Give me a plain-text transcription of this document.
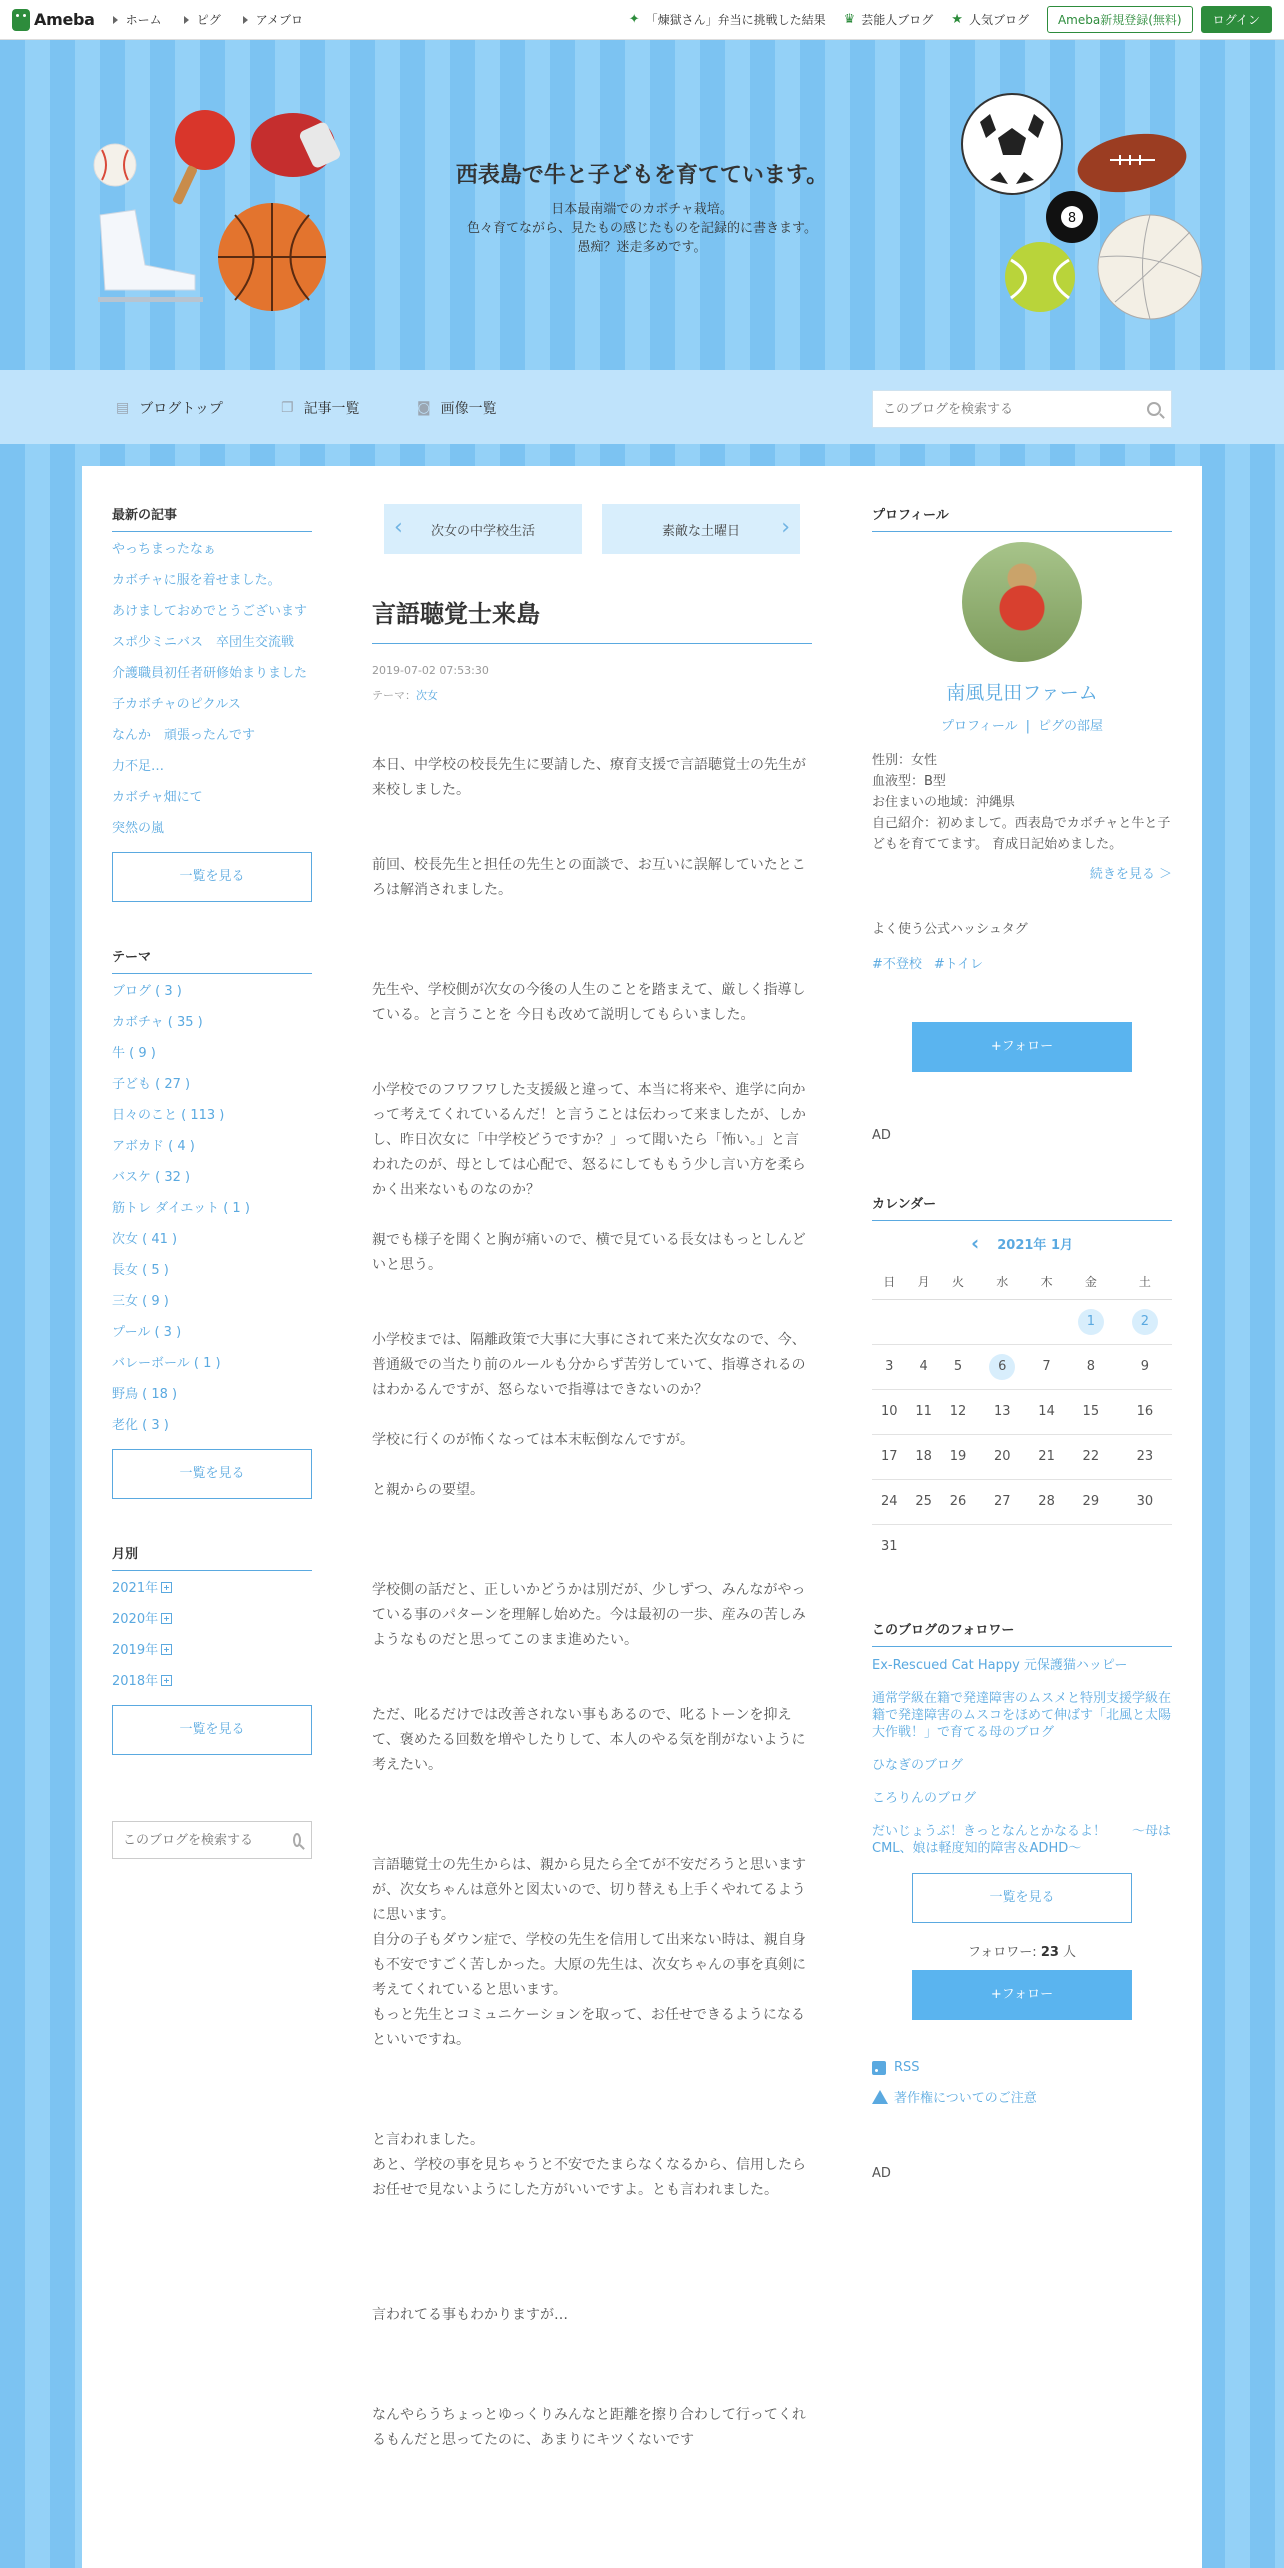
Ameba	ホーム	ピグ	アメブロ	✦ 「煉獄さん」弁当に挑戦した結果 ♛ 芸能人ブログ ★ 人気ブログ	Ameba新規登録(無料)	ログイン
西表島で牛と子どもを育てています。
日本最南端でのカボチャ栽培。
色々育てながら、見たもの感じたものを記録的に書きます。
愚痴？迷走多めです。
8
▤ ブログトップ	❐ 記事一覧	◙ 画像一覧
このブログを検索する
最新の記事
やっちまったなぁ
カボチャに服を着せました。
あけましておめでとうございます
スポ少ミニバス　卒団生交流戦
介護職員初任者研修始まりました
子カボチャのピクルス
なんか　頑張ったんです
力不足…
カボチャ畑にて
突然の嵐
一覧を見る
テーマ
ブログ ( 3 )
カボチャ ( 35 )
牛 ( 9 )
子ども ( 27 )
日々のこと ( 113 )
アボカド ( 4 )
バスケ ( 32 )
筋トレ ダイエット ( 1 )
次女 ( 41 )
長女 ( 5 )
三女 ( 9 )
プール ( 3 )
バレーボール ( 1 )
野鳥 ( 18 )
老化 ( 3 )
一覧を見る
月別
2021年
2020年
2019年
2018年
一覧を見る
このブログを検索する
‹ 次女の中学校生活	素敵な土曜日 ›
言語聴覚士来島
2019-07-02 07:53:30
テーマ：次女

本日、中学校の校長先生に要請した、療育支援で言語聴覚士の先生が来校しました。

前回、校長先生と担任の先生との面談で、お互いに誤解していたところは解消されました。

先生や、学校側が次女の今後の人生のことを踏まえて、厳しく指導している。と言うことを 今日も改めて説明してもらいました。

小学校でのフワフワした支援級と違って、本当に将来や、進学に向かって考えてくれているんだ！と言うことは伝わって来ましたが、しかし、昨日次女に「中学校どうですか？」って聞いたら「怖い。」と言われたのが、母としては心配で、怒るにしてももう少し言い方を柔らかく出来ないものなのか？

親でも様子を聞くと胸が痛いので、横で見ている長女はもっとしんどいと思う。

小学校までは、隔離政策で大事に大事にされて来た次女なので、今、普通級での当たり前のルールも分からず苦労していて、指導されるのはわかるんですが、怒らないで指導はできないのか？

学校に行くのが怖くなっては本末転倒なんですが。

と親からの要望。

学校側の話だと、正しいかどうかは別だが、少しずつ、みんながやっている事のパターンを理解し始めた。今は最初の一歩、産みの苦しみようなものだと思ってこのまま進めたい。

ただ、叱るだけでは改善されない事もあるので、叱るトーンを抑えて、褒めたる回数を増やしたりして、本人のやる気を削がないように考えたい。

言語聴覚士の先生からは、親から見たら全てが不安だろうと思いますが、次女ちゃんは意外と図太いので、切り替えも上手くやれてるように思います。

自分の子もダウン症で、学校の先生を信用して出来ない時は、親自身も不安ですごく苦しかった。大原の先生は、次女ちゃんの事を真剣に考えてくれていると思います。

もっと先生とコミュニケーションを取って、お任せできるようになるといいですね。

と言われました。

あと、学校の事を見ちゃうと不安でたまらなくなるから、信用したらお任せで見ないようにした方がいいですよ。とも言われました。

言われてる事もわかりますが…

なんやらうちょっとゆっくりみんなと距離を擦り合わして行ってくれるもんだと思ってたのに、あまりにキツくないです

プロフィール
南風見田ファーム
プロフィール | ピグの部屋
性別：女性
血液型：B型
お住まいの地域：沖縄県
自己紹介：初めまして。西表島でカボチャと牛と子どもを育ててます。 育成日記始めました。
続きを見る ＞
よく使う公式ハッシュタグ
#不登校 #トイレ
+フォロー
AD
カレンダー
‹ 2021年 1月
日	月	火	水	木	金	土
					1	2
3	4	5	6	7	8	9
10	11	12	13	14	15	16
17	18	19	20	21	22	23
24	25	26	27	28	29	30
31						
このブログのフォロワー
Ex-Rescued Cat Happy 元保護猫ハッピー
通常学級在籍で発達障害のムスメと特別支援学級在籍で発達障害のムスコをほめて伸ばす「北風と太陽大作戦！」で育てる母のブログ
ひなぎのブログ
ころりんのブログ
だいじょうぶ！きっとなんとかなるよ！　　〜母はCML、娘は軽度知的障害＆ADHD〜
一覧を見る
フォロワー: 23 人
+フォロー
RSS
著作権についてのご注意
AD
